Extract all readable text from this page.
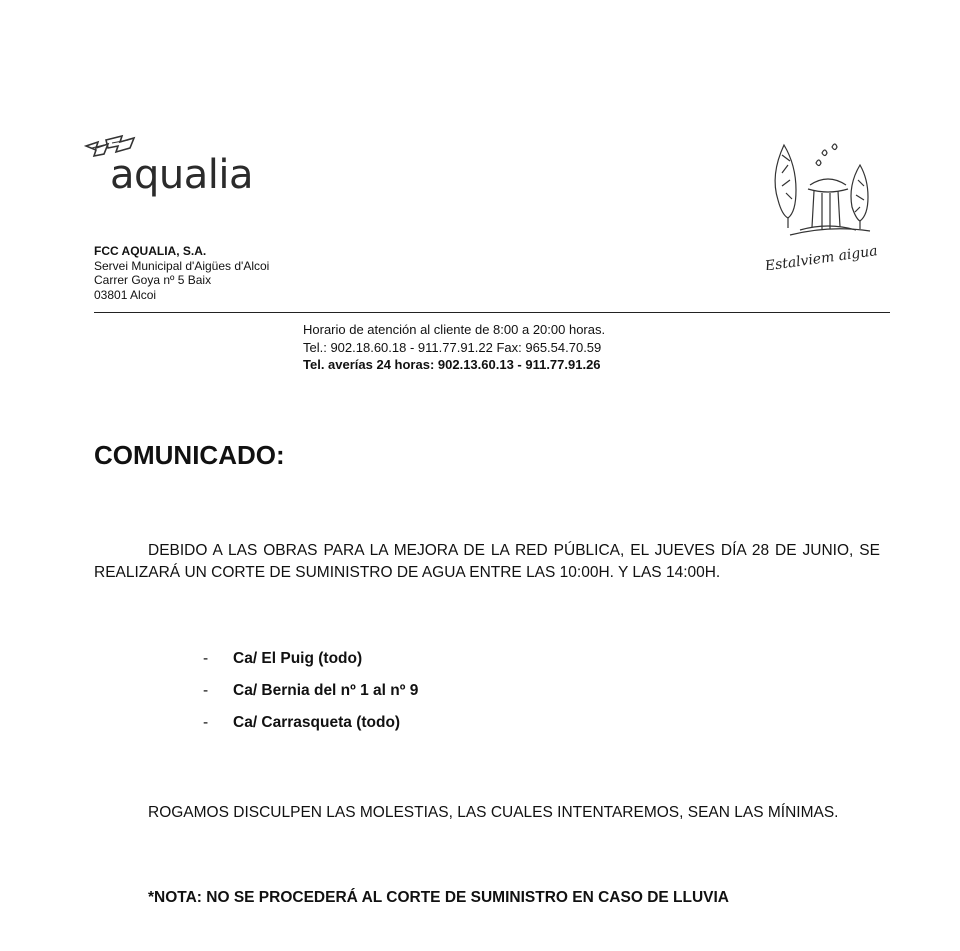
aqualia
FCC AQUALIA, S.A.
Servei Municipal d'Aigües d'Alcoi
Carrer Goya nº 5 Baix
03801 Alcoi
Estalviem aigua
Horario de atención al cliente de 8:00 a 20:00 horas.
Tel.: 902.18.60.18 - 911.77.91.22 Fax: 965.54.70.59
Tel. averías 24 horas: 902.13.60.13 - 911.77.91.26
COMUNICADO:
DEBIDO A LAS OBRAS PARA LA MEJORA DE LA RED PÚBLICA, EL JUEVES DÍA 28 DE JUNIO, SE REALIZARÁ UN CORTE DE SUMINISTRO DE AGUA ENTRE LAS 10:00H. Y LAS 14:00H.
-	Ca/ El Puig (todo)
-	Ca/ Bernia del nº 1 al nº 9
-	Ca/ Carrasqueta (todo)
ROGAMOS DISCULPEN LAS MOLESTIAS, LAS CUALES INTENTAREMOS, SEAN LAS MÍNIMAS.
*NOTA: NO SE PROCEDERÁ AL CORTE DE SUMINISTRO EN CASO DE LLUVIA
